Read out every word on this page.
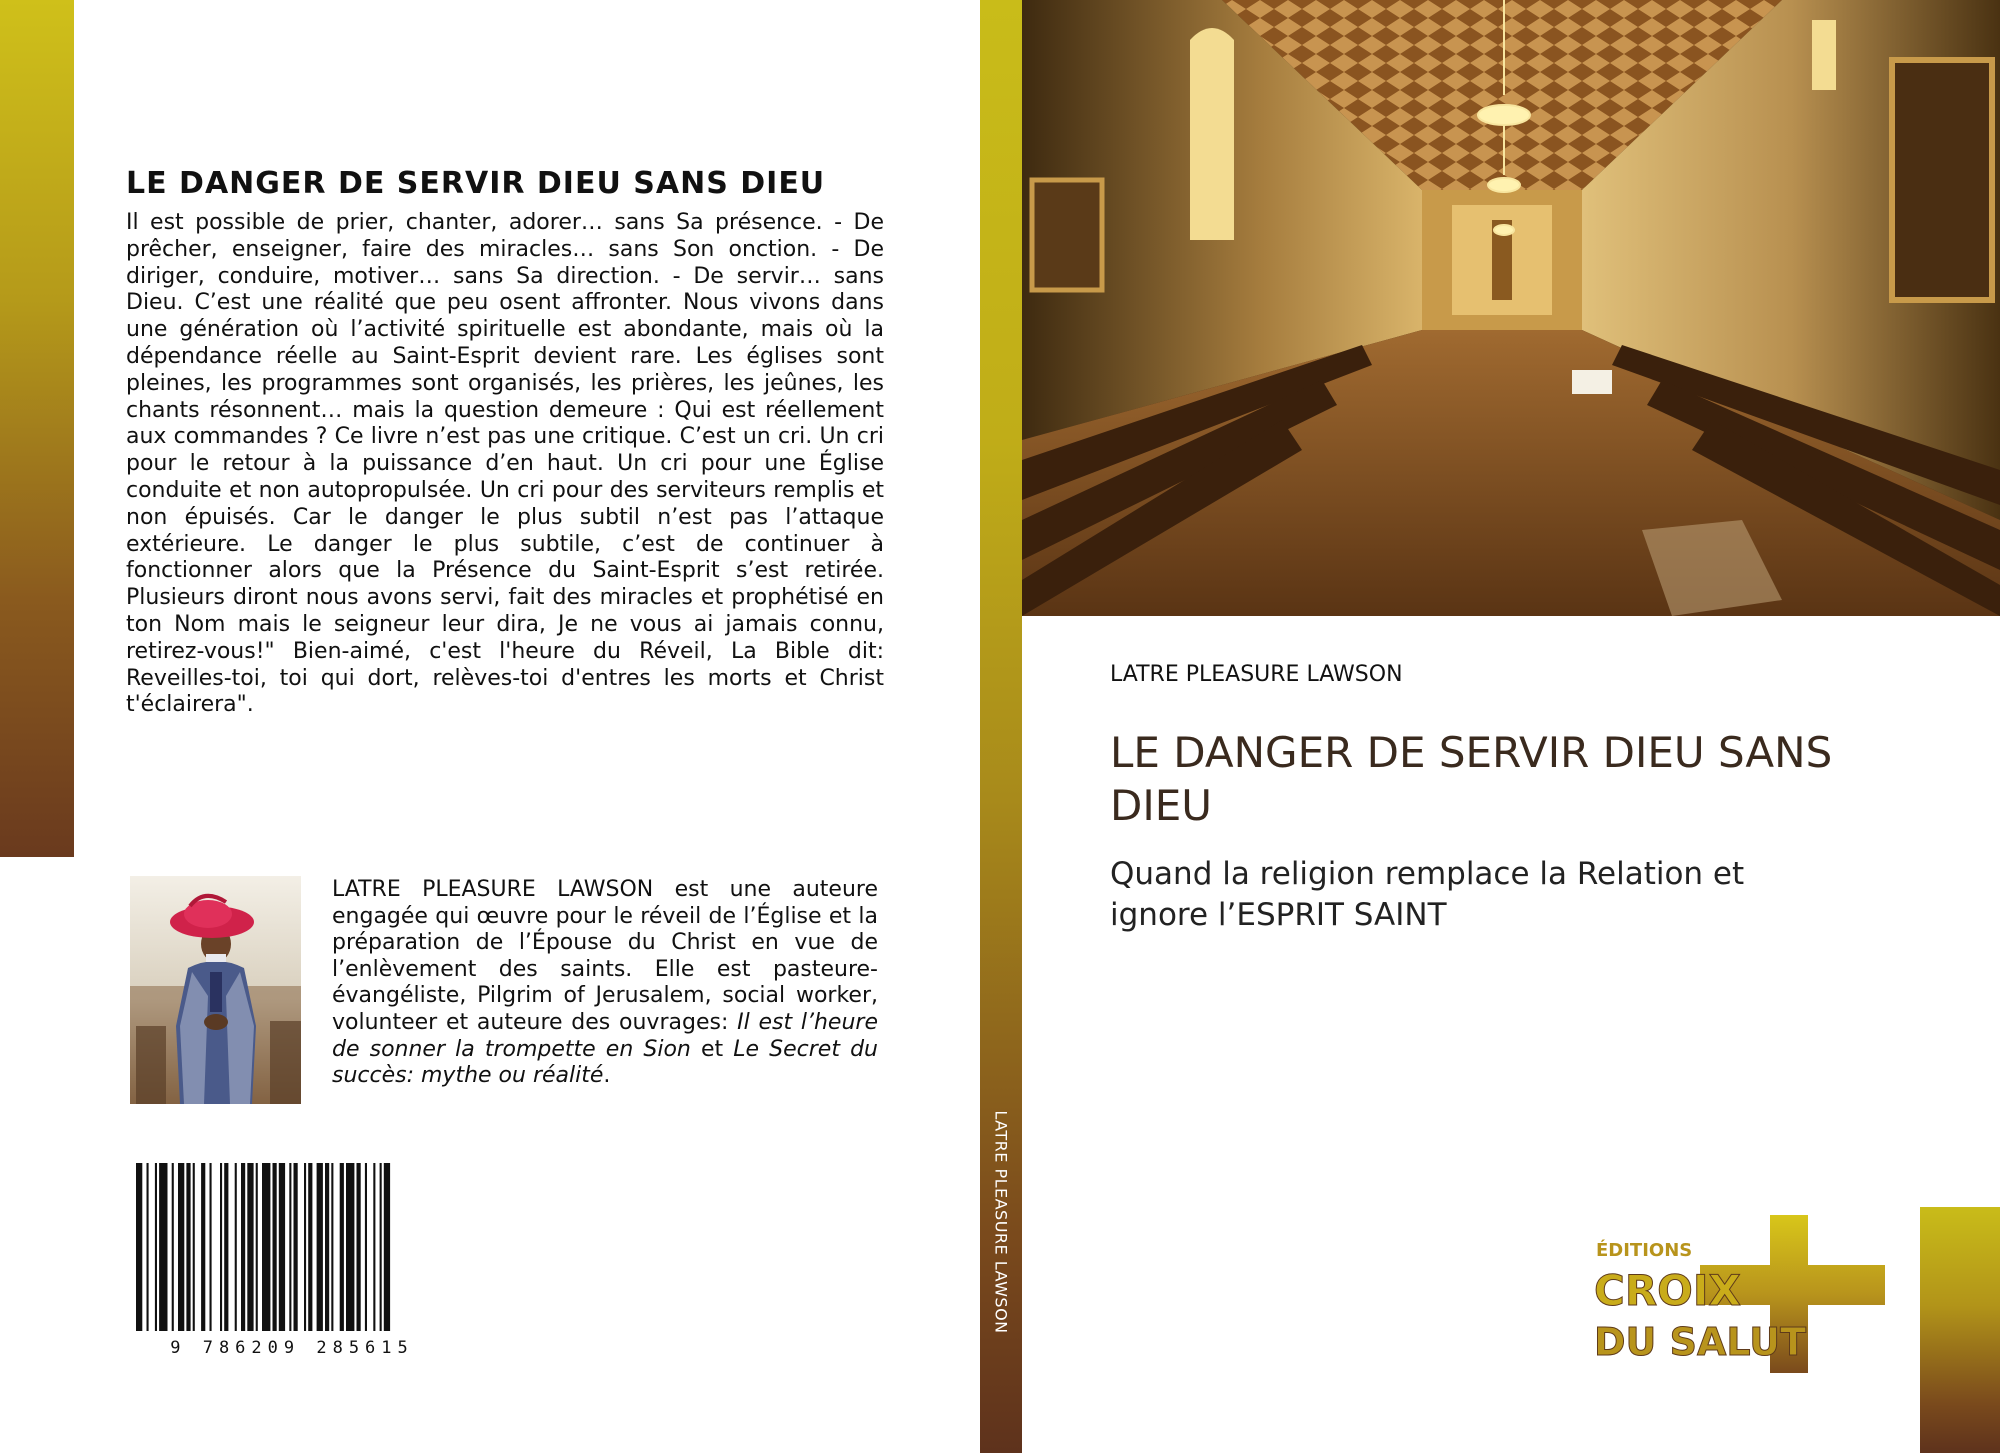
LE DANGER DE SERVIR DIEU SANS DIEU
Il est possible de prier, chanter, adorer… sans Sa présence. - De prêcher, enseigner, faire des miracles… sans Son onction. - De diriger, conduire, motiver… sans Sa direction. - De servir… sans Dieu. C’est une réalité que peu osent affronter. Nous vivons dans une génération où l’activité spirituelle est abondante, mais où la dépendance réelle au Saint-Esprit devient rare. Les églises sont pleines, les programmes sont organisés, les prières, les jeûnes, les chants résonnent… mais la question demeure : Qui est réellement aux commandes ? Ce livre n’est pas une critique. C’est un cri. Un cri pour le retour à la puissance d’en haut. Un cri pour une Église conduite et non autopropulsée. Un cri pour des serviteurs remplis et non épuisés. Car le danger le plus subtil n’est pas l’attaque extérieure. Le danger le plus subtile, c’est de continuer à fonctionner alors que la Présence du Saint-Esprit s’est retirée. Plusieurs diront nous avons servi, fait des miracles et prophétisé en ton Nom mais le seigneur leur dira, Je ne vous ai jamais connu, retirez-vous!" Bien-aimé, c'est l'heure du Réveil, La Bible dit: Reveilles-toi, toi qui dort, relèves-toi d'entres les morts et Christ t'éclairera".
LATRE PLEASURE LAWSON est une auteure engagée qui œuvre pour le réveil de l’Église et la préparation de l’Épouse du Christ en vue de l’enlèvement des saints. Elle est pasteure-évangéliste, Pilgrim of Jerusalem, social worker, volunteer et auteure des ouvrages: Il est l’heure de sonner la trompette en Sion et Le Secret du succès: mythe ou réalité.
9 786209 285615
LATRE PLEASURE LAWSON
LATRE PLEASURE LAWSON
LE DANGER DE SERVIR DIEU SANS DIEU
Quand la religion remplace la Relation et ignore l’ESPRIT SAINT
ÉDITIONS
CROIX
DU SALUT
